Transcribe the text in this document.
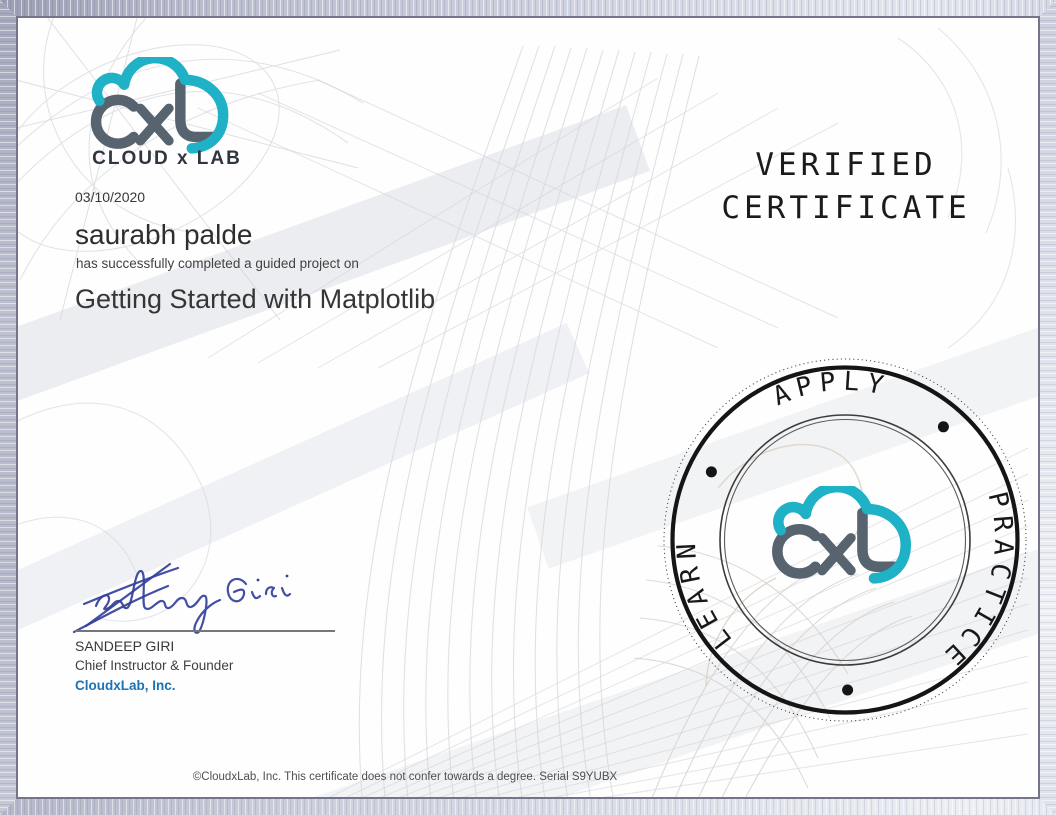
CLOUD x LAB
03/10/2020
saurabh palde
has successfully completed a guided project on
Getting Started with Matplotlib
VERIFIED
CERTIFICATE
APPLY
PRACTICE
LEARN
SANDEEP GIRI
Chief Instructor & Founder
CloudxLab, Inc.
©CloudxLab, Inc. This certificate does not confer towards a degree. Serial S9YUBX
